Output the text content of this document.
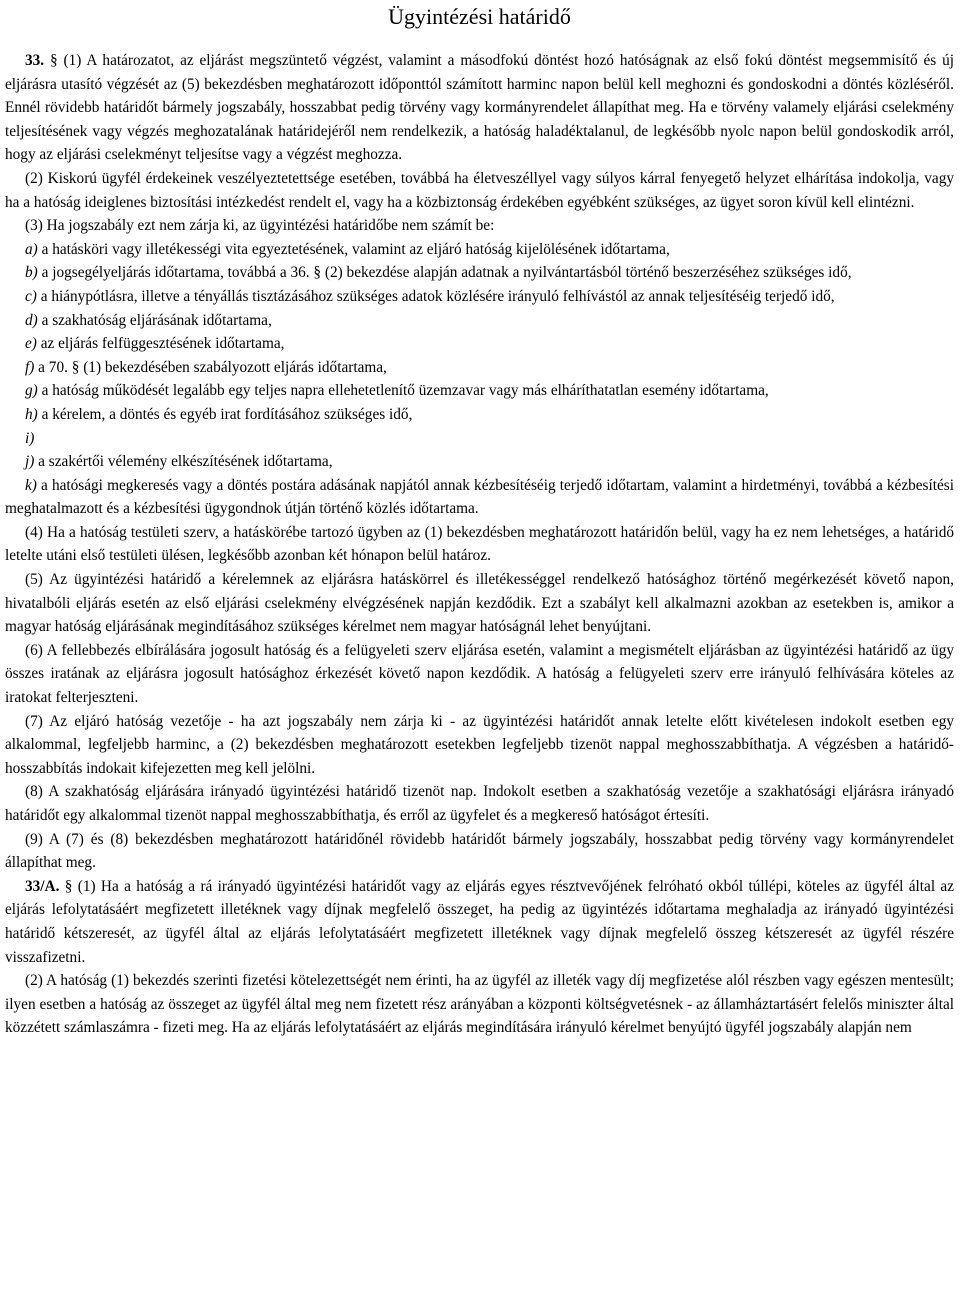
Ügyintézési határidő

33. § (1) A határozatot, az eljárást megszüntető végzést, valamint a másodfokú döntést hozó hatóságnak az első fokú döntést megsemmisítő és új eljárásra utasító végzését az (5) bekezdésben meghatározott időponttól számított harminc napon belül kell meghozni és gondoskodni a döntés közléséről. Ennél rövidebb határidőt bármely jogszabály, hosszabbat pedig törvény vagy kormányrendelet állapíthat meg. Ha e törvény valamely eljárási cselekmény teljesítésének vagy végzés meghozatalának határidejéről nem rendelkezik, a hatóság haladéktalanul, de legkésőbb nyolc napon belül gondoskodik arról, hogy az eljárási cselekményt teljesítse vagy a végzést meghozza.

(2) Kiskorú ügyfél érdekeinek veszélyeztetettsége esetében, továbbá ha életveszéllyel vagy súlyos kárral fenyegető helyzet elhárítása indokolja, vagy ha a hatóság ideiglenes biztosítási intézkedést rendelt el, vagy ha a közbiztonság érdekében egyébként szükséges, az ügyet soron kívül kell elintézni.

(3) Ha jogszabály ezt nem zárja ki, az ügyintézési határidőbe nem számít be:

a) a hatásköri vagy illetékességi vita egyeztetésének, valamint az eljáró hatóság kijelölésének időtartama,

b) a jogsegélyeljárás időtartama, továbbá a 36. § (2) bekezdése alapján adatnak a nyilvántartásból történő beszerzéséhez szükséges idő,

c) a hiánypótlásra, illetve a tényállás tisztázásához szükséges adatok közlésére irányuló felhívástól az annak teljesítéséig terjedő idő,

d) a szakhatóság eljárásának időtartama,

e) az eljárás felfüggesztésének időtartama,

f) a 70. § (1) bekezdésében szabályozott eljárás időtartama,

g) a hatóság működését legalább egy teljes napra ellehetetlenítő üzemzavar vagy más elháríthatatlan esemény időtartama,

h) a kérelem, a döntés és egyéb irat fordításához szükséges idő,

i)

j) a szakértői vélemény elkészítésének időtartama,

k) a hatósági megkeresés vagy a döntés postára adásának napjától annak kézbesítéséig terjedő időtartam, valamint a hirdetményi, továbbá a kézbesítési meghatalmazott és a kézbesítési ügygondnok útján történő közlés időtartama.

(4) Ha a hatóság testületi szerv, a hatáskörébe tartozó ügyben az (1) bekezdésben meghatározott határidőn belül, vagy ha ez nem lehetséges, a határidő letelte utáni első testületi ülésen, legkésőbb azonban két hónapon belül határoz.

(5) Az ügyintézési határidő a kérelemnek az eljárásra hatáskörrel és illetékességgel rendelkező hatósághoz történő megérkezését követő napon, hivatalbóli eljárás esetén az első eljárási cselekmény elvégzésének napján kezdődik. Ezt a szabályt kell alkalmazni azokban az esetekben is, amikor a magyar hatóság eljárásának megindításához szükséges kérelmet nem magyar hatóságnál lehet benyújtani.

(6) A fellebbezés elbírálására jogosult hatóság és a felügyeleti szerv eljárása esetén, valamint a megismételt eljárásban az ügyintézési határidő az ügy összes iratának az eljárásra jogosult hatósághoz érkezését követő napon kezdődik. A hatóság a felügyeleti szerv erre irányuló felhívására köteles az iratokat felterjeszteni.

(7) Az eljáró hatóság vezetője - ha azt jogszabály nem zárja ki - az ügyintézési határidőt annak letelte előtt kivételesen indokolt esetben egy alkalommal, legfeljebb harminc, a (2) bekezdésben meghatározott esetekben legfeljebb tizenöt nappal meghosszabbíthatja. A végzésben a határidő-hosszabbítás indokait kifejezetten meg kell jelölni.

(8) A szakhatóság eljárására irányadó ügyintézési határidő tizenöt nap. Indokolt esetben a szakhatóság vezetője a szakhatósági eljárásra irányadó határidőt egy alkalommal tizenöt nappal meghosszabbíthatja, és erről az ügyfelet és a megkereső hatóságot értesíti.

(9) A (7) és (8) bekezdésben meghatározott határidőnél rövidebb határidőt bármely jogszabály, hosszabbat pedig törvény vagy kormányrendelet állapíthat meg.

33/A. § (1) Ha a hatóság a rá irányadó ügyintézési határidőt vagy az eljárás egyes résztvevőjének felróható okból túllépi, köteles az ügyfél által az eljárás lefolytatásáért megfizetett illetéknek vagy díjnak megfelelő összeget, ha pedig az ügyintézés időtartama meghaladja az irányadó ügyintézési határidő kétszeresét, az ügyfél által az eljárás lefolytatásáért megfizetett illetéknek vagy díjnak megfelelő összeg kétszeresét az ügyfél részére visszafizetni.

(2) A hatóság (1) bekezdés szerinti fizetési kötelezettségét nem érinti, ha az ügyfél az illeték vagy díj megfizetése alól részben vagy egészen mentesült; ilyen esetben a hatóság az összeget az ügyfél által meg nem fizetett rész arányában a központi költségvetésnek - az államháztartásért felelős miniszter által közzétett számlaszámra - fizeti meg. Ha az eljárás lefolytatásáért az eljárás megindítására irányuló kérelmet benyújtó ügyfél jogszabály alapján nem
